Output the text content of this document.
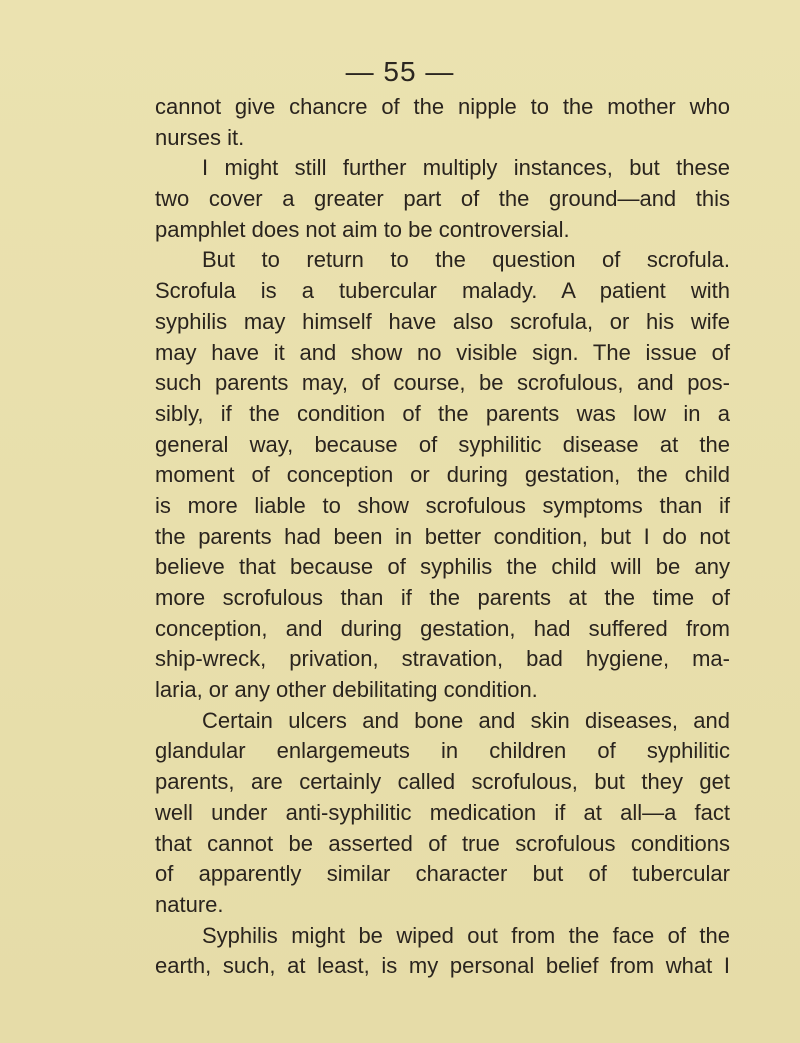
— 55 —
cannot give chancre of the nipple to the mother who
nurses it.
I might still further multiply instances, but these
two cover a greater part of the ground—and this
pamphlet does not aim to be controversial.
But to return to the question of scrofula.
Scrofula is a tubercular malady. A patient with
syphilis may himself have also scrofula, or his wife
may have it and show no visible sign. The issue of
such parents may, of course, be scrofulous, and pos-
sibly, if the condition of the parents was low in a
general way, because of syphilitic disease at the
moment of conception or during gestation, the child
is more liable to show scrofulous symptoms than if
the parents had been in better condition, but I do not
believe that because of syphilis the child will be any
more scrofulous than if the parents at the time of
conception, and during gestation, had suffered from
ship-wreck, privation, stravation, bad hygiene, ma-
laria, or any other debilitating condition.
Certain ulcers and bone and skin diseases, and
glandular enlargemeuts in children of syphilitic
parents, are certainly called scrofulous, but they get
well under anti-syphilitic medication if at all—a fact
that cannot be asserted of true scrofulous conditions
of apparently similar character but of tubercular
nature.
Syphilis might be wiped out from the face of the
earth, such, at least, is my personal belief from what I
